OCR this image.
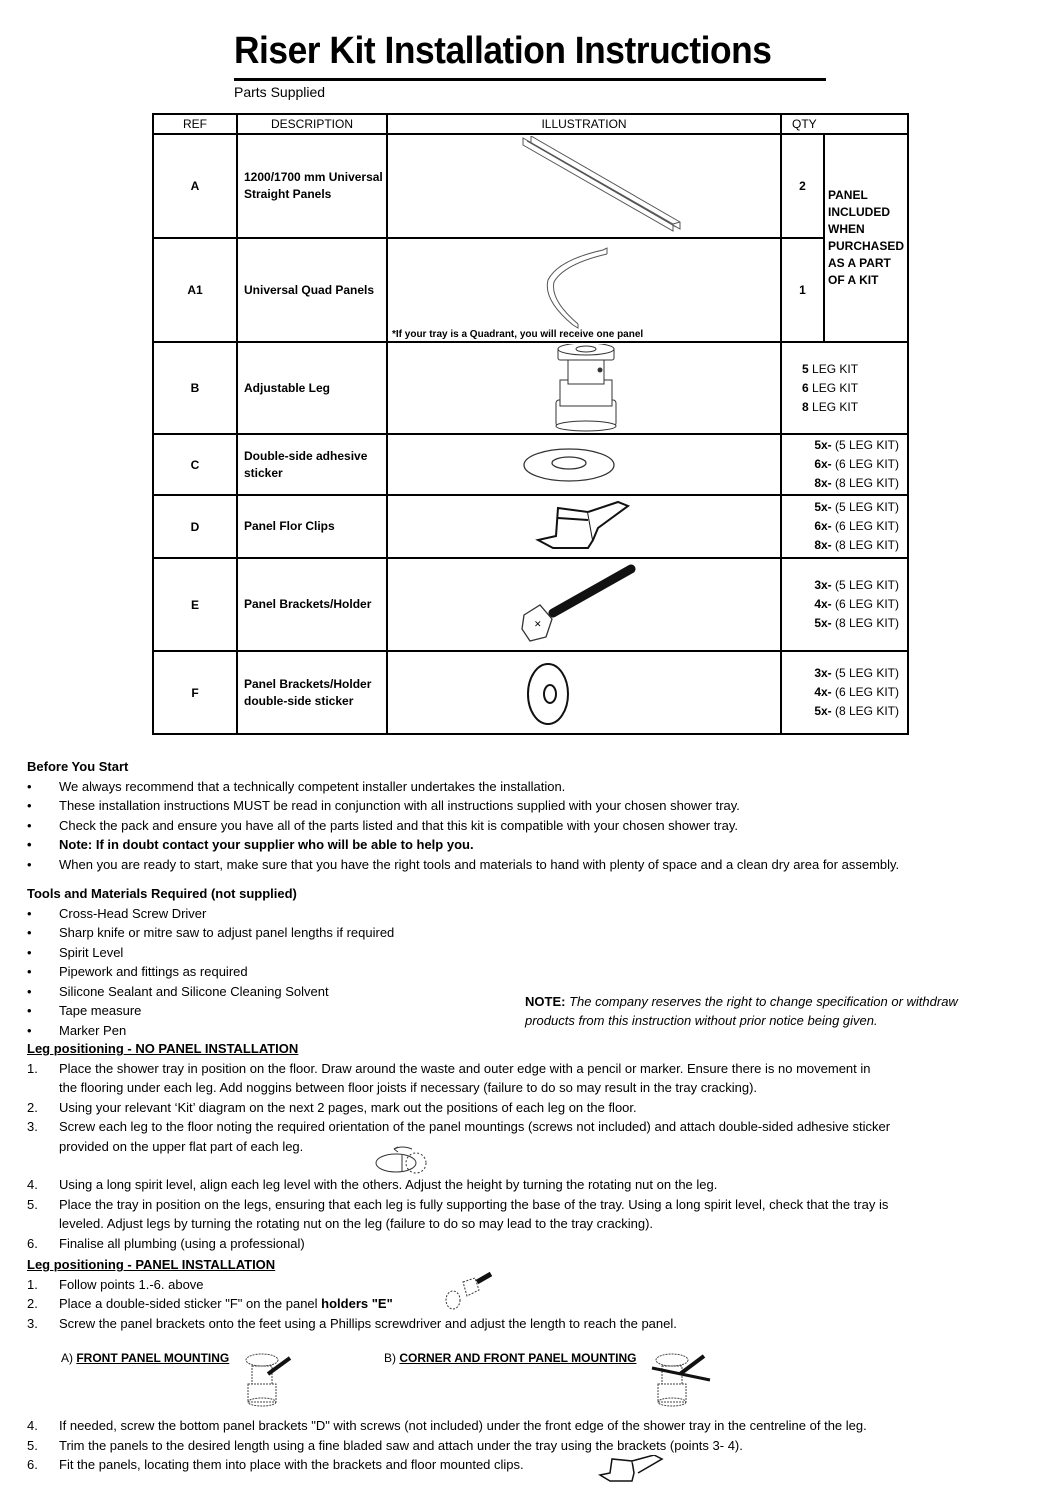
Riser Kit Installation Instructions
Parts Supplied
REF	DESCRIPTION	ILLUSTRATION	QTY	
A	1200/1700 mm Universal Straight Panels		2	PANEL INCLUDED WHEN PURCHASED AS A PART OF A KIT
A1	Universal Quad Panels	*If your tray is a Quadrant, you will receive one panel	1	
B	Adjustable Leg		5 LEG KIT
6 LEG KIT
8 LEG KIT	

C	Double-side adhesive sticker		5x- (5 LEG KIT)
6x- (6 LEG KIT)
8x- (8 LEG KIT)	

D	Panel Flor Clips		5x- (5 LEG KIT)
6x- (6 LEG KIT)
8x- (8 LEG KIT)	

E	Panel Brackets/Holder	✕	3x- (5 LEG KIT)
4x- (6 LEG KIT)
5x- (8 LEG KIT)	

F	Panel Brackets/Holder double-side sticker		3x- (5 LEG KIT)
4x- (6 LEG KIT)
5x- (8 LEG KIT)	
Before You Start
• We always recommend that a technically competent installer undertakes the installation.
• These installation instructions MUST be read in conjunction with all instructions supplied with your chosen shower tray.
• Check the pack and ensure you have all of the parts listed and that this kit is compatible with your chosen shower tray.
• Note: If in doubt contact your supplier who will be able to help you.
• When you are ready to start, make sure that you have the right tools and materials to hand with plenty of space and a clean dry area for assembly.
Tools and Materials Required (not supplied)
• Cross-Head Screw Driver
• Sharp knife or mitre saw to adjust panel lengths if required
• Spirit Level
• Pipework and fittings as required
• Silicone Sealant and Silicone Cleaning Solvent
• Tape measure
• Marker Pen
NOTE: The company reserves the right to change specification or withdraw
products from this instruction without prior notice being given.
Leg positioning - NO PANEL INSTALLATION
1. Place the shower tray in position on the floor. Draw around the waste and outer edge with a pencil or marker. Ensure there is no movement in
the flooring under each leg. Add noggins between floor joists if necessary (failure to do so may result in the tray cracking).
2. Using your relevant ‘Kit’ diagram on the next 2 pages, mark out the positions of each leg on the floor.
3. Screw each leg to the floor noting the required orientation of the panel mountings (screws not included) and attach double-sided adhesive sticker
provided on the upper flat part of each leg.
4. Using a long spirit level, align each leg level with the others. Adjust the height by turning the rotating nut on the leg.
5. Place the tray in position on the legs, ensuring that each leg is fully supporting the base of the tray. Using a long spirit level, check that the tray is
leveled. Adjust legs by turning the rotating nut on the leg (failure to do so may lead to the tray cracking).
6. Finalise all plumbing (using a professional)
Leg positioning - PANEL INSTALLATION
1. Follow points 1.-6. above
2. Place a double-sided sticker "F" on the panel holders "E"
3. Screw the panel brackets onto the feet using a Phillips screwdriver and adjust the length to reach the panel.
A) FRONT PANEL MOUNTING	B) CORNER AND FRONT PANEL MOUNTING
4. If needed, screw the bottom panel brackets "D" with screws (not included) under the front edge of the shower tray in the centreline of the leg.
5. Trim the panels to the desired length using a fine bladed saw and attach under the tray using the brackets (points 3- 4).
6. Fit the panels, locating them into place with the brackets and floor mounted clips.
